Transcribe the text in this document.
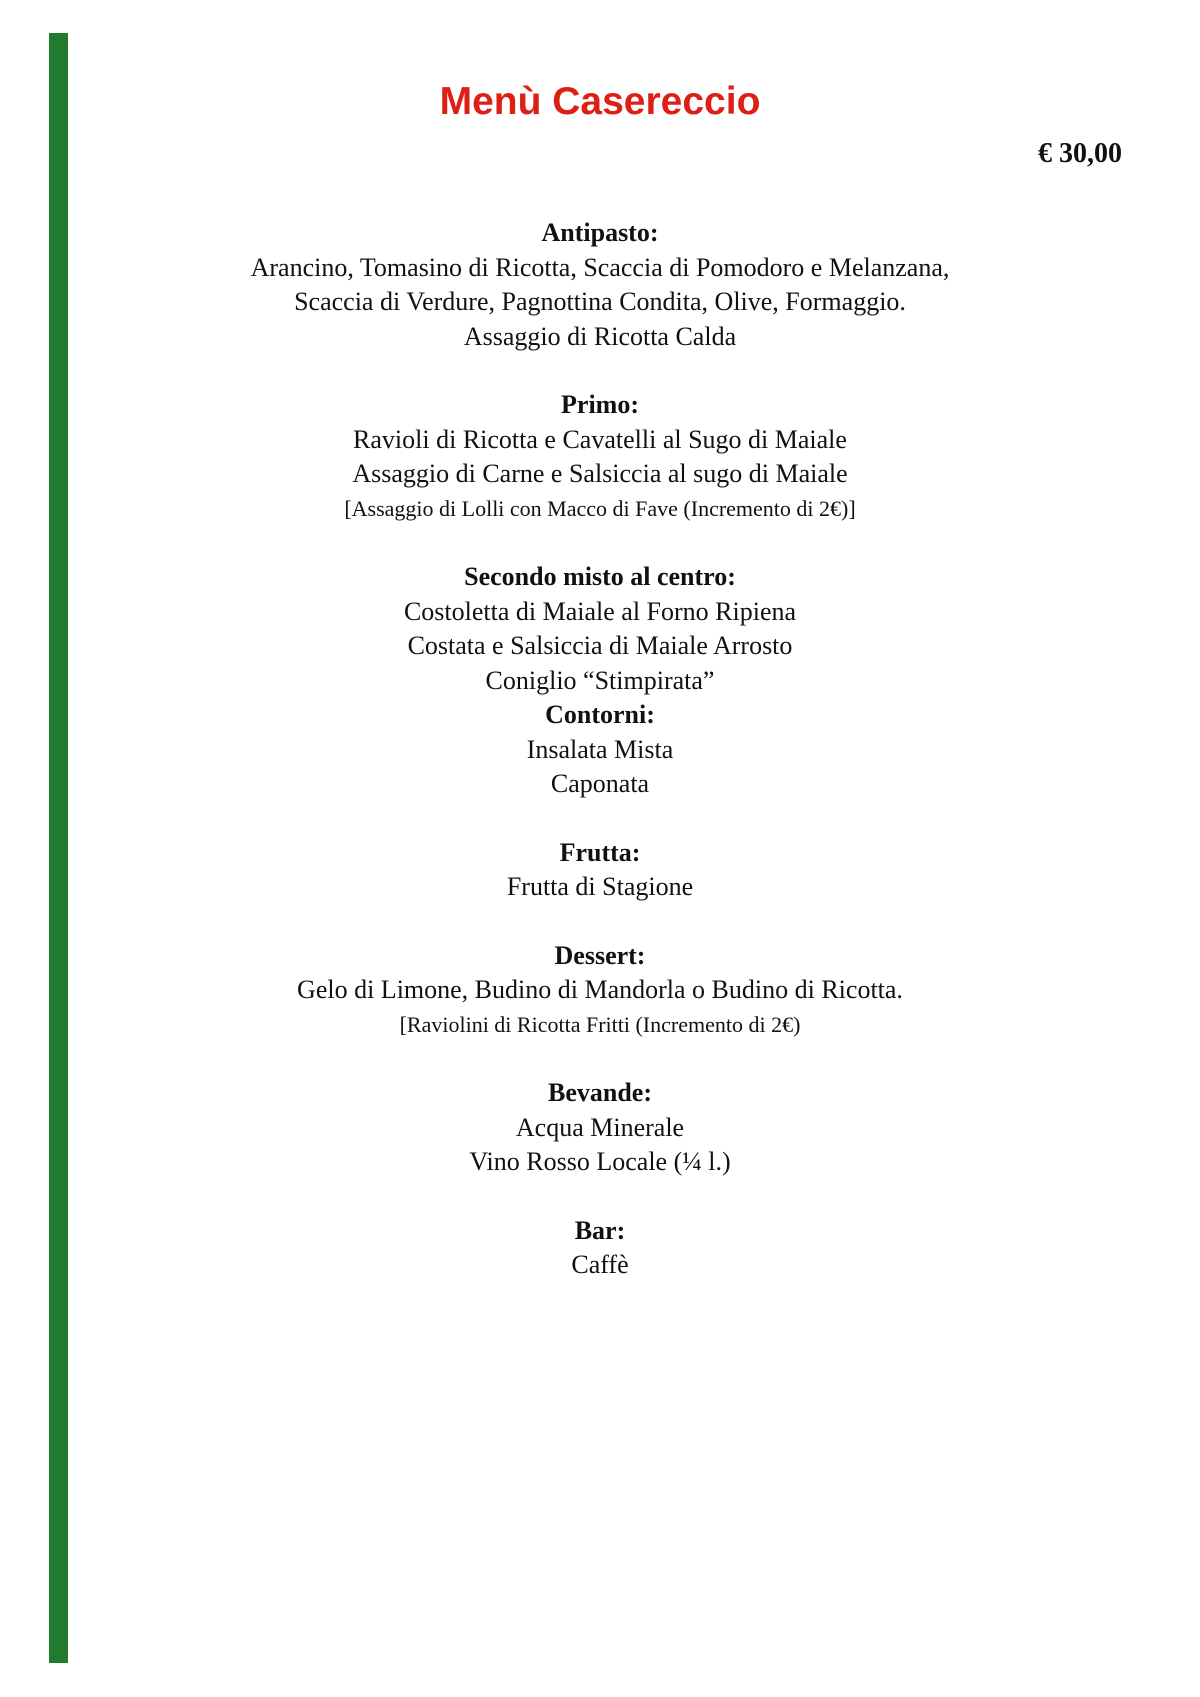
Menù Casereccio
€ 30,00
Antipasto:
Arancino, Tomasino di Ricotta, Scaccia di Pomodoro e Melanzana,
Scaccia di Verdure, Pagnottina Condita, Olive, Formaggio.
Assaggio di Ricotta Calda
Primo:
Ravioli di Ricotta e Cavatelli al Sugo di Maiale
Assaggio di Carne e Salsiccia al sugo di Maiale
[Assaggio di Lolli con Macco di Fave (Incremento di 2€)]
Secondo misto al centro:
Costoletta di Maiale al Forno Ripiena
Costata e Salsiccia di Maiale Arrosto
Coniglio “Stimpirata”
Contorni:
Insalata Mista
Caponata
Frutta:
Frutta di Stagione
Dessert:
Gelo di Limone, Budino di Mandorla o Budino di Ricotta.
[Raviolini di Ricotta Fritti (Incremento di 2€)
Bevande:
Acqua Minerale
Vino Rosso Locale (¼ l.)
Bar:
Caffè
